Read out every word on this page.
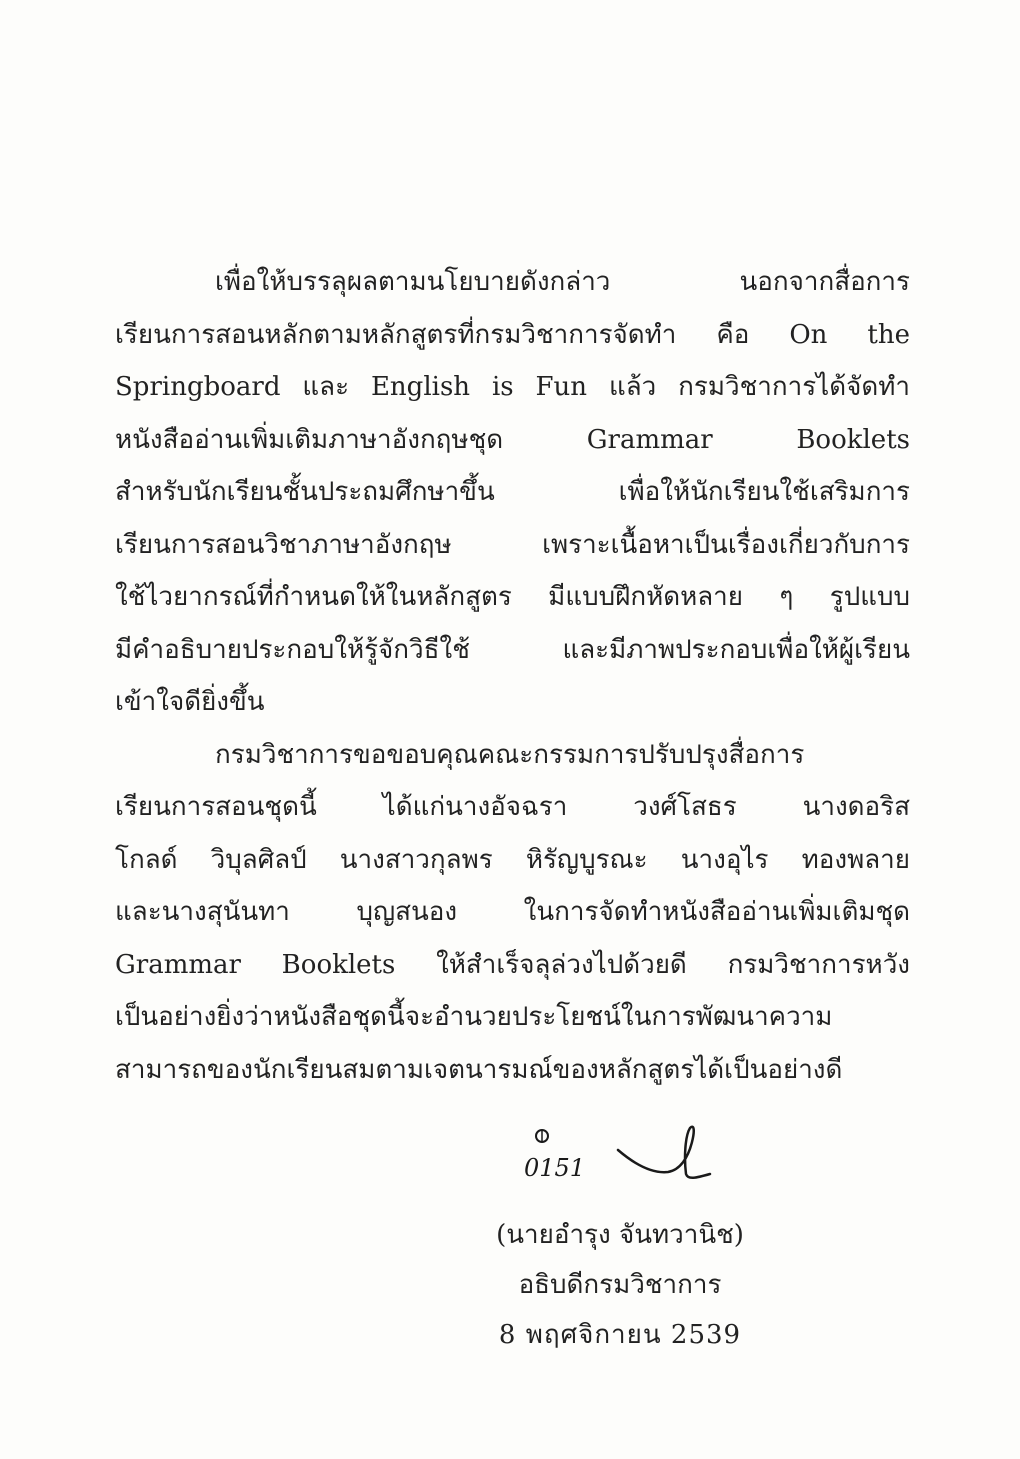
เพื่อให้บรรลุผลตามนโยบายดังกล่าว นอกจากสื่อการ
เรียนการสอนหลักตามหลักสูตรที่กรมวิชาการจัดทำ คือ On the
Springboard และ English is Fun แล้ว กรมวิชาการได้จัดทำ
หนังสืออ่านเพิ่มเติมภาษาอังกฤษชุด Grammar Booklets
สำหรับนักเรียนชั้นประถมศึกษาขึ้น เพื่อให้นักเรียนใช้เสริมการ
เรียนการสอนวิชาภาษาอังกฤษ เพราะเนื้อหาเป็นเรื่องเกี่ยวกับการ
ใช้ไวยากรณ์ที่กำหนดให้ในหลักสูตร มีแบบฝึกหัดหลาย ๆ รูปแบบ
มีคำอธิบายประกอบให้รู้จักวิธีใช้ และมีภาพประกอบเพื่อให้ผู้เรียน
เข้าใจดียิ่งขึ้น
กรมวิชาการขอขอบคุณคณะกรรมการปรับปรุงสื่อการ
เรียนการสอนชุดนี้ ได้แก่นางอัจฉรา วงศ์โสธร นางดอริส
โกลด์ วิบุลศิลป์ นางสาวกุลพร หิรัญบูรณะ นางอุไร ทองพลาย
และนางสุนันทา บุญสนอง ในการจัดทำหนังสืออ่านเพิ่มเติมชุด
Grammar Booklets ให้สำเร็จลุล่วงไปด้วยดี กรมวิชาการหวัง
เป็นอย่างยิ่งว่าหนังสือชุดนี้จะอำนวยประโยชน์ในการพัฒนาความ
สามารถของนักเรียนสมตามเจตนารมณ์ของหลักสูตรได้เป็นอย่างดี
0151
(นายอำรุง จันทวานิช)
อธิบดีกรมวิชาการ
8 พฤศจิกายน 2539
